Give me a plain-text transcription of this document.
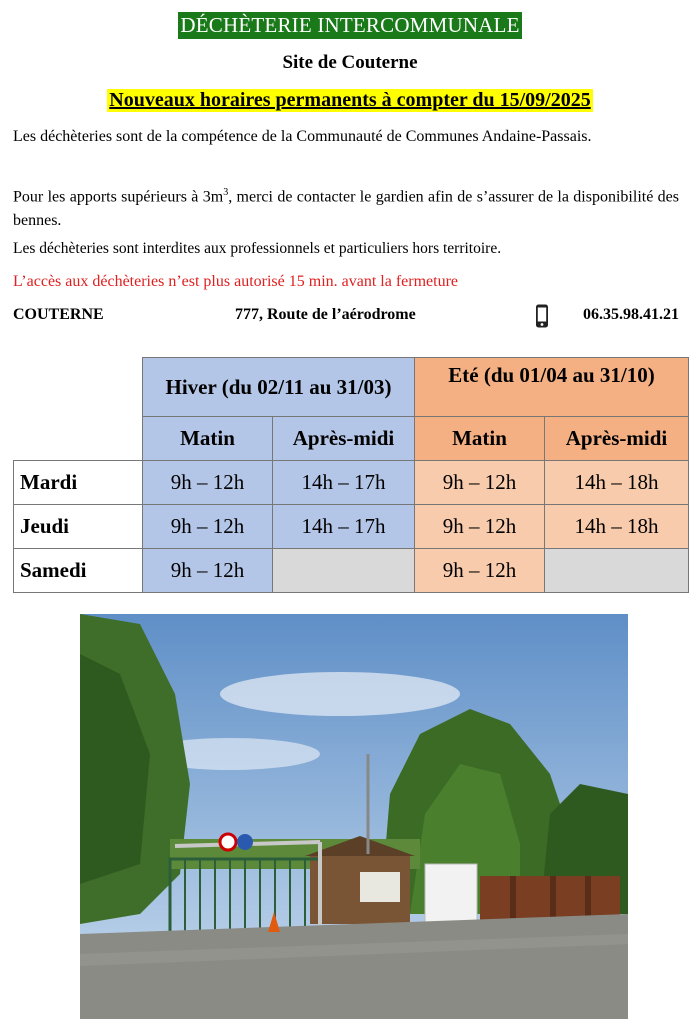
DÉCHÈTERIE INTERCOMMUNALE
Site de Couterne
Nouveaux horaires permanents à compter du 15/09/2025
Les déchèteries sont de la compétence de la Communauté de Communes Andaine-Passais.
Pour les apports supérieurs à $3m^3$, merci de contacter le gardien afin de s’assurer de la disponibilité des bennes.
Les déchèteries sont interdites aux professionnels et particuliers hors territoire.
L’accès aux déchèteries n’est plus autorisé 15 min. avant la fermeture
COUTERNE	777, Route de l’aérodrome	06.35.98.41.21
	Hiver (du 02/11 au 31/03)		Eté (du 01/04 au 31/10)	
	Matin	Après-midi	Matin	Après-midi
Mardi	9h – 12h	14h – 17h	9h – 12h	14h – 18h
Jeudi	9h – 12h	14h – 17h	9h – 12h	14h – 18h
Samedi	9h – 12h		9h – 12h	
